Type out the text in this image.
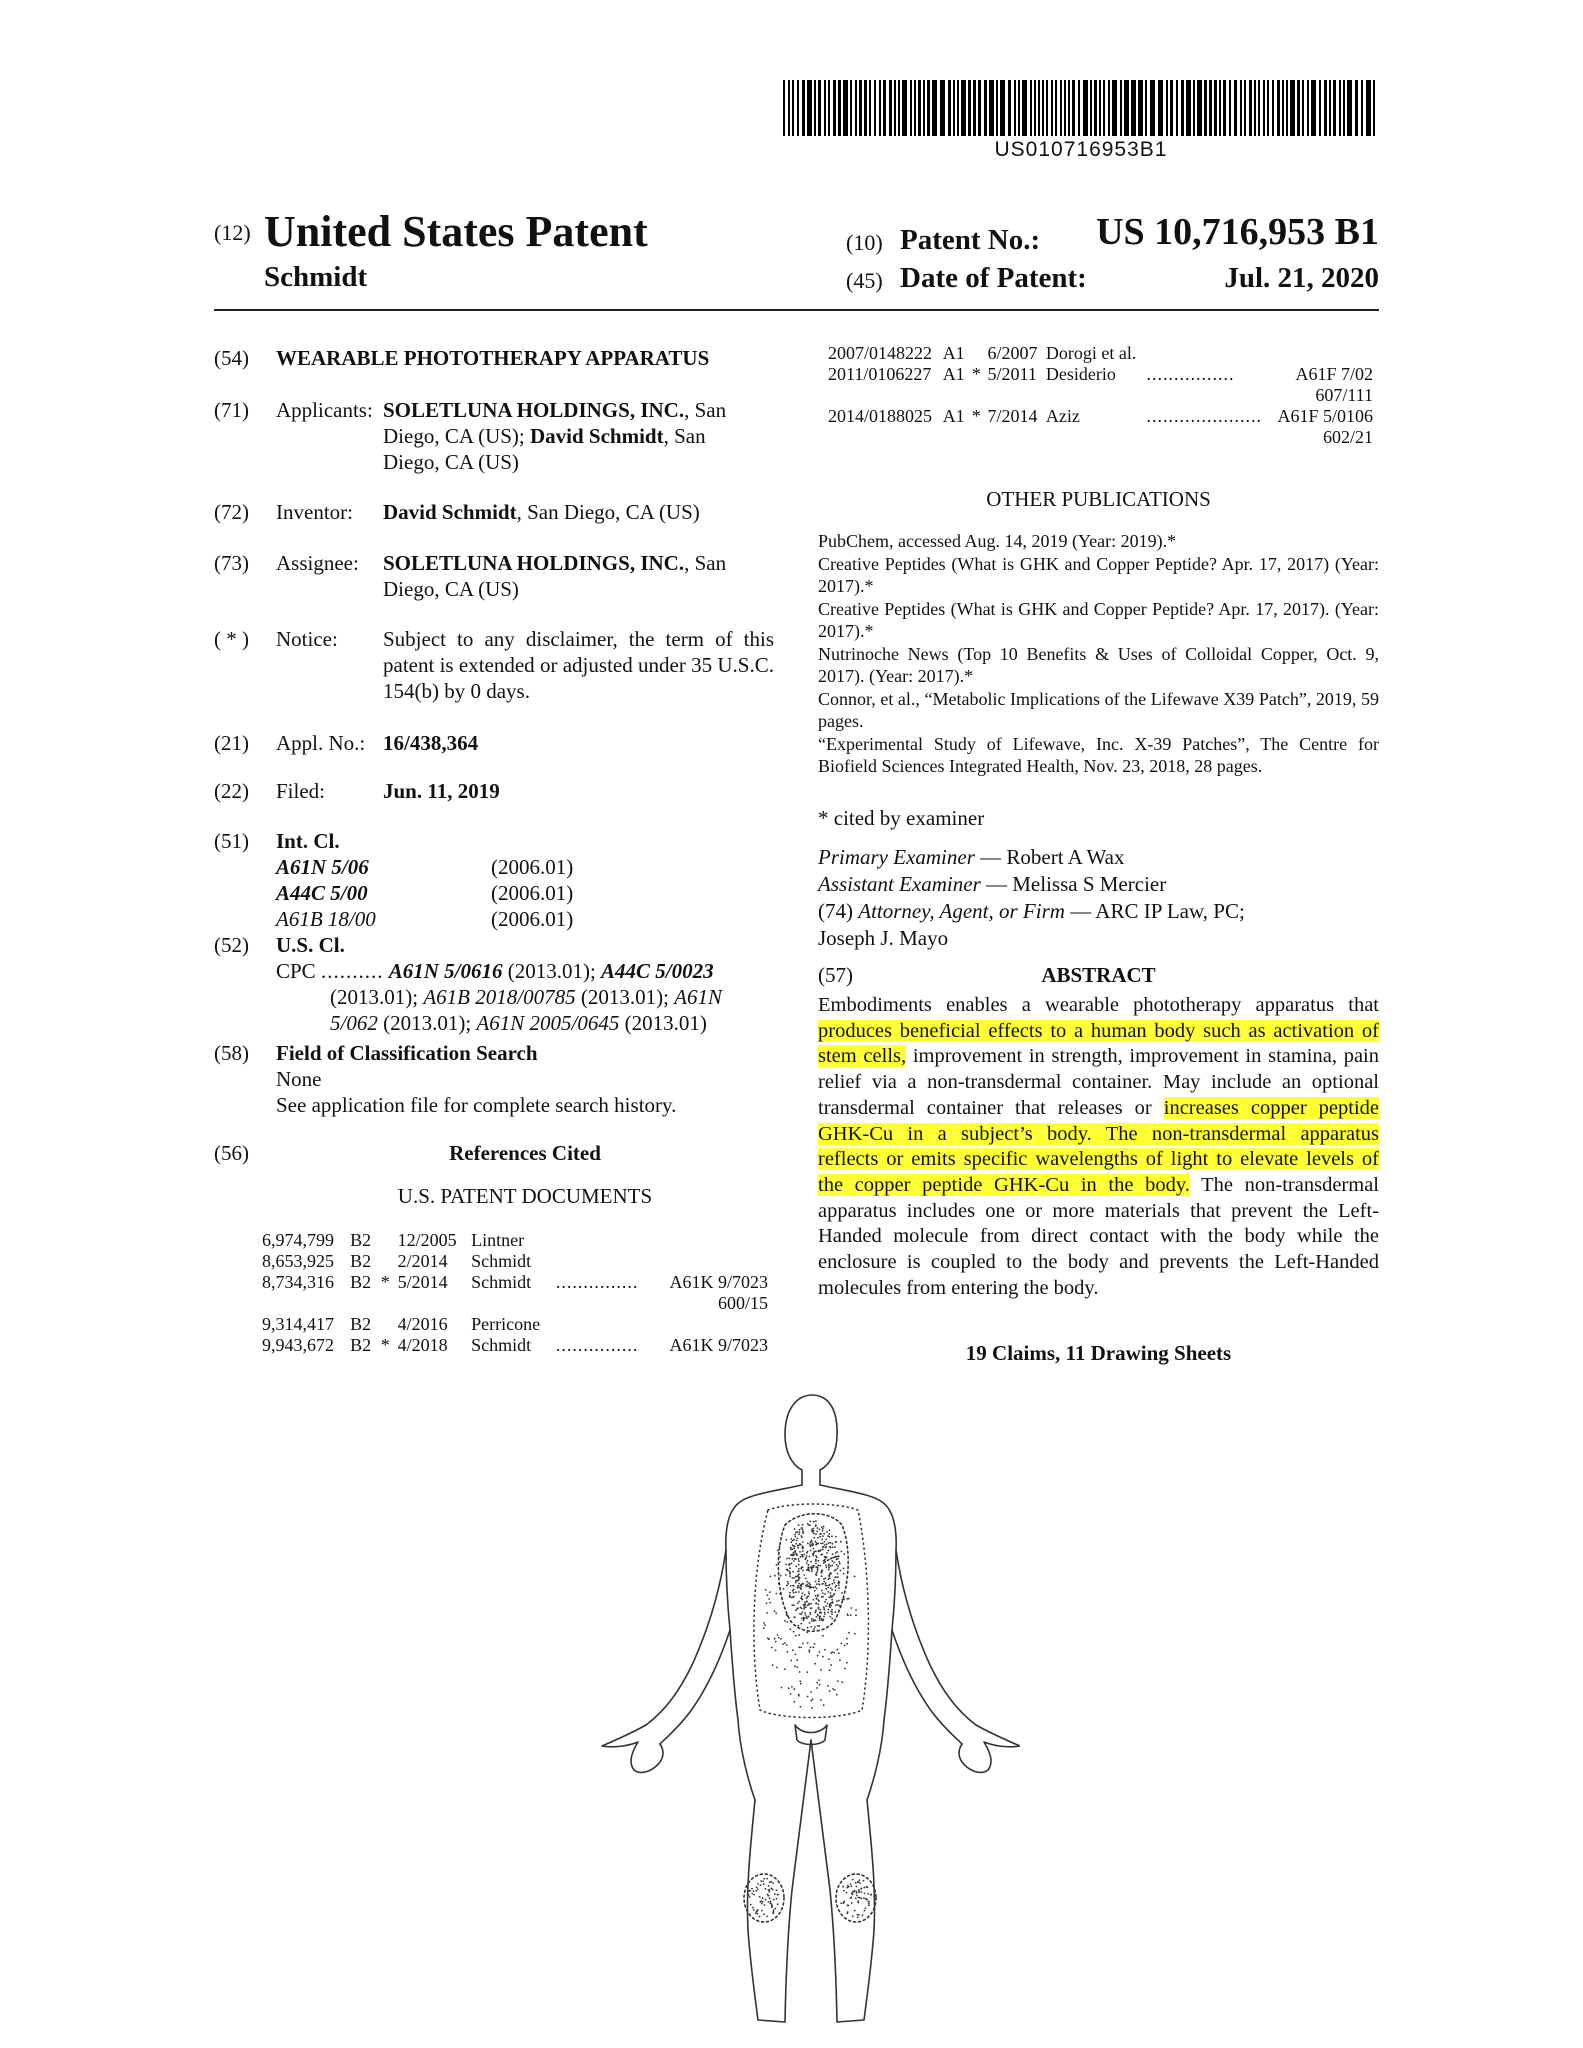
US010716953B1
(12) United States Patent
Schmidt
(10) Patent No.: US 10,716,953 B1
(45) Date of Patent:	Jul. 21, 2020
(54) WEARABLE PHOTOTHERAPY APPARATUS
(71) Applicants: SOLETLUNA HOLDINGS, INC., San
Diego, CA (US); David Schmidt, San
Diego, CA (US)
(72) Inventor: David Schmidt, San Diego, CA (US)
(73) Assignee: SOLETLUNA HOLDINGS, INC., San
Diego, CA (US)
( * ) Notice: Subject to any disclaimer, the term of this patent is extended or adjusted under 35 U.S.C. 154(b) by 0 days.
(21) Appl. No.: 16/438,364
(22) Filed:	Jun. 11, 2019
(51) Int. Cl.
A61N 5/06	(2006.01)
A44C 5/00	(2006.01)
A61B 18/00	(2006.01)
(52) U.S. Cl.
CPC .......... A61N 5/0616 (2013.01); A44C 5/0023
(2013.01); A61B 2018/00785 (2013.01); A61N
5/062 (2013.01); A61N 2005/0645 (2013.01)
(58) Field of Classification Search
None
See application file for complete search history.
(56)	References Cited
U.S. PATENT DOCUMENTS
6,974,799	B2		12/2005	Lintner		
8,653,925	B2		2/2014	Schmidt		
8,734,316	B2	*	5/2014	Schmidt	...............	A61K 9/7023
600/15						
9,314,417	B2		4/2016	Perricone		
9,943,672	B2	*	4/2018	Schmidt	...............	A61K 9/7023
2007/0148222	A1		6/2007	Dorogi et al.		
2011/0106227	A1	*	5/2011	Desiderio	................	A61F 7/02
607/111						
2014/0188025	A1	*	7/2014	Aziz	.....................	A61F 5/0106
602/21						
OTHER PUBLICATIONS
PubChem, accessed Aug. 14, 2019 (Year: 2019).*
Creative Peptides (What is GHK and Copper Peptide? Apr. 17, 2017) (Year: 2017).*
Creative Peptides (What is GHK and Copper Peptide? Apr. 17, 2017). (Year: 2017).*
Nutrinoche News (Top 10 Benefits & Uses of Colloidal Copper, Oct. 9, 2017). (Year: 2017).*
Connor, et al., “Metabolic Implications of the Lifewave X39 Patch”, 2019, 59 pages.
“Experimental Study of Lifewave, Inc. X-39 Patches”, The Centre for Biofield Sciences Integrated Health, Nov. 23, 2018, 28 pages.
* cited by examiner
Primary Examiner — Robert A Wax
Assistant Examiner — Melissa S Mercier
(74) Attorney, Agent, or Firm — ARC IP Law, PC;
Joseph J. Mayo
(57)	ABSTRACT
Embodiments enables a wearable phototherapy apparatus that produces beneficial effects to a human body such as activation of stem cells, improvement in strength, improvement in stamina, pain relief via a non-transdermal container. May include an optional transdermal container that releases or increases copper peptide GHK-Cu in a subject’s body. The non-transdermal apparatus reflects or emits specific wavelengths of light to elevate levels of the copper peptide GHK-Cu in the body. The non-transdermal apparatus includes one or more materials that prevent the Left-Handed molecule from direct contact with the body while the enclosure is coupled to the body and prevents the Left-Handed molecules from entering the body.
19 Claims, 11 Drawing Sheets
